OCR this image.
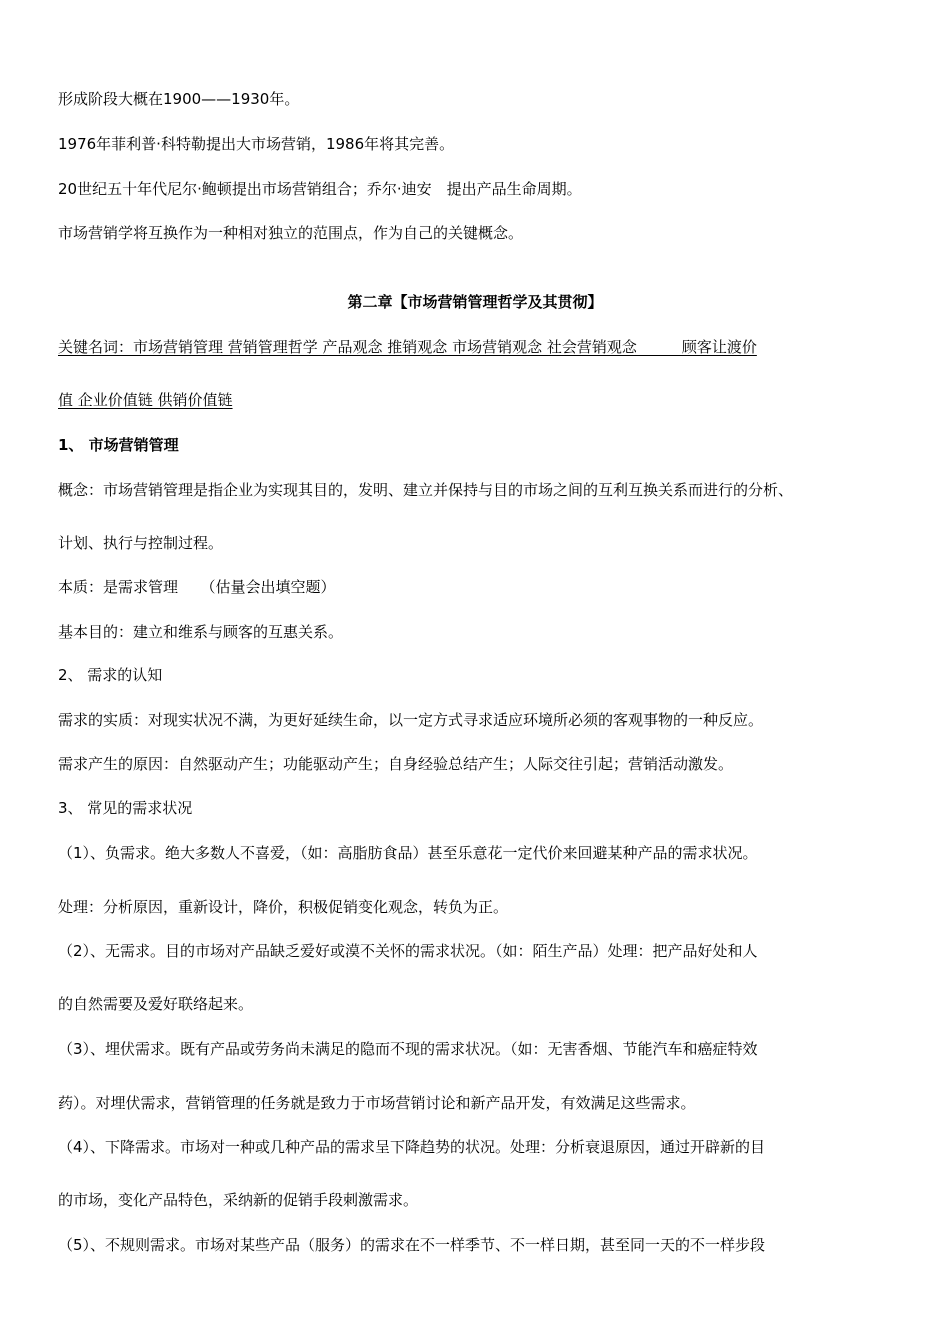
形成阶段大概在1900——1930年。
1976年菲利普·科特勒提出大市场营销，1986年将其完善。
20世纪五十年代尼尔·鲍顿提出市场营销组合；乔尔·迪安　提出产品生命周期。
市场营销学将互换作为一种相对独立的范围点，作为自己的关键概念。
第二章【市场营销管理哲学及其贯彻】
关键名词：市场营销管理 营销管理哲学 产品观念 推销观念 市场营销观念 社会营销观念　　　顾客让渡价
值 企业价值链 供销价值链
1、 市场营销管理
概念：市场营销管理是指企业为实现其目的，发明、建立并保持与目的市场之间的互利互换关系而进行的分析、
计划、执行与控制过程。
本质：是需求管理　　（估量会出填空题）
基本目的：建立和维系与顾客的互惠关系。
2、 需求的认知
需求的实质：对现实状况不满，为更好延续生命，以一定方式寻求适应环境所必须的客观事物的一种反应。
需求产生的原因：自然驱动产生；功能驱动产生；自身经验总结产生；人际交往引起；营销活动激发。
3、 常见的需求状况
（1）、负需求。绝大多数人不喜爱，（如：高脂肪食品）甚至乐意花一定代价来回避某种产品的需求状况。
处理：分析原因，重新设计，降价，积极促销变化观念，转负为正。
（2）、无需求。目的市场对产品缺乏爱好或漠不关怀的需求状况。（如：陌生产品）处理：把产品好处和人
的自然需要及爱好联络起来。
（3）、埋伏需求。既有产品或劳务尚未满足的隐而不现的需求状况。（如：无害香烟、节能汽车和癌症特效
药）。对埋伏需求，营销管理的任务就是致力于市场营销讨论和新产品开发，有效满足这些需求。
（4）、下降需求。市场对一种或几种产品的需求呈下降趋势的状况。处理：分析衰退原因，通过开辟新的目
的市场，变化产品特色，采纳新的促销手段刺激需求。
（5）、不规则需求。市场对某些产品（服务）的需求在不一样季节、不一样日期，甚至同一天的不一样步段
